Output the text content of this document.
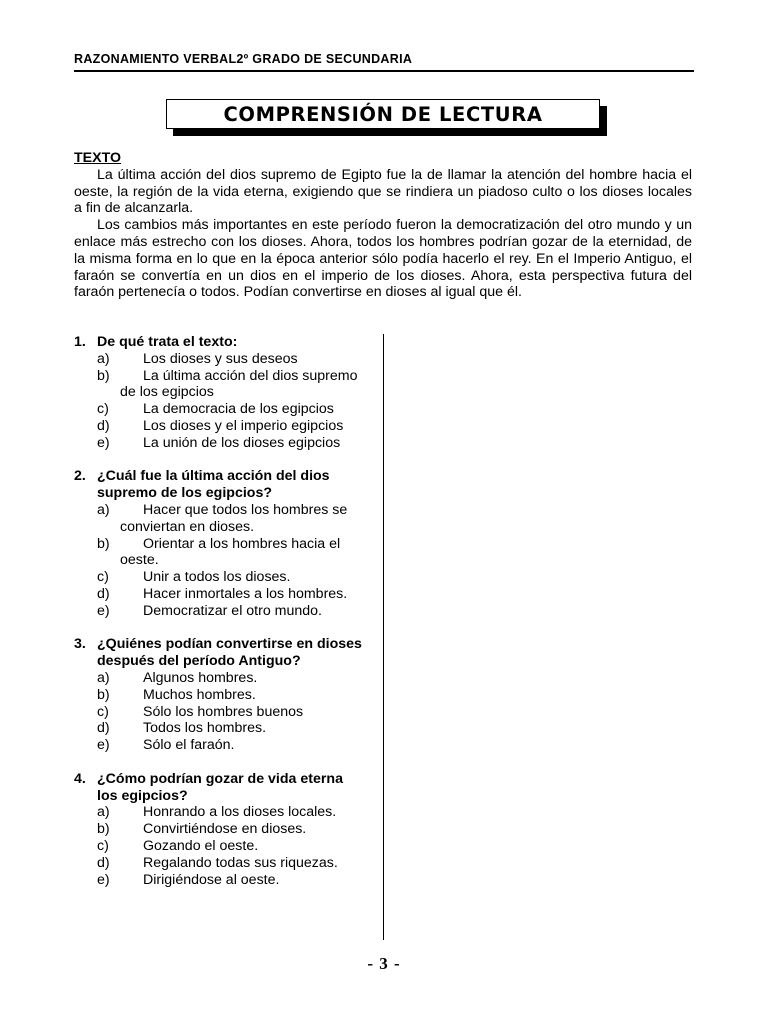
RAZONAMIENTO VERBAL2º GRADO DE SECUNDARIA
COMPRENSIÓN DE LECTURA
TEXTO

La última acción del dios supremo de Egipto fue la de llamar la atención del hombre hacia el oeste, la región de la vida eterna, exigiendo que se rindiera un piadoso culto o los dioses locales a fin de alcanzarla.

Los cambios más importantes en este período fueron la democratización del otro mundo y un enlace más estrecho con los dioses. Ahora, todos los hombres podrían gozar de la eternidad, de la misma forma en lo que en la época anterior sólo podía hacerlo el rey. En el Imperio Antiguo, el faraón se convertía en un dios en el imperio de los dioses. Ahora, esta perspectiva futura del faraón pertenecía o todos. Podían convertirse en dioses al igual que él.

1. De qué trata el texto:
a)	Los dioses y sus deseos
b)	La última acción del dios supremo de los egipcios
c)	La democracia de los egipcios
d)	Los dioses y el imperio egipcios
e)	La unión de los dioses egipcios
2. ¿Cuál fue la última acción del dios supremo de los egipcios?
a)	Hacer que todos los hombres se conviertan en dioses.
b)	Orientar a los hombres hacia el oeste.
c)	Unir a todos los dioses.
d)	Hacer inmortales a los hombres.
e)	Democratizar el otro mundo.
3. ¿Quiénes podían convertirse en dioses después del período Antiguo?
a)	Algunos hombres.
b)	Muchos hombres.
c)	Sólo los hombres buenos
d)	Todos los hombres.
e)	Sólo el faraón.
4. ¿Cómo podrían gozar de vida eterna los egipcios?
a)	Honrando a los dioses locales.
b)	Convirtiéndose en dioses.
c)	Gozando el oeste.
d)	Regalando todas sus riquezas.
e)	Dirigiéndose al oeste.
- 3 -
